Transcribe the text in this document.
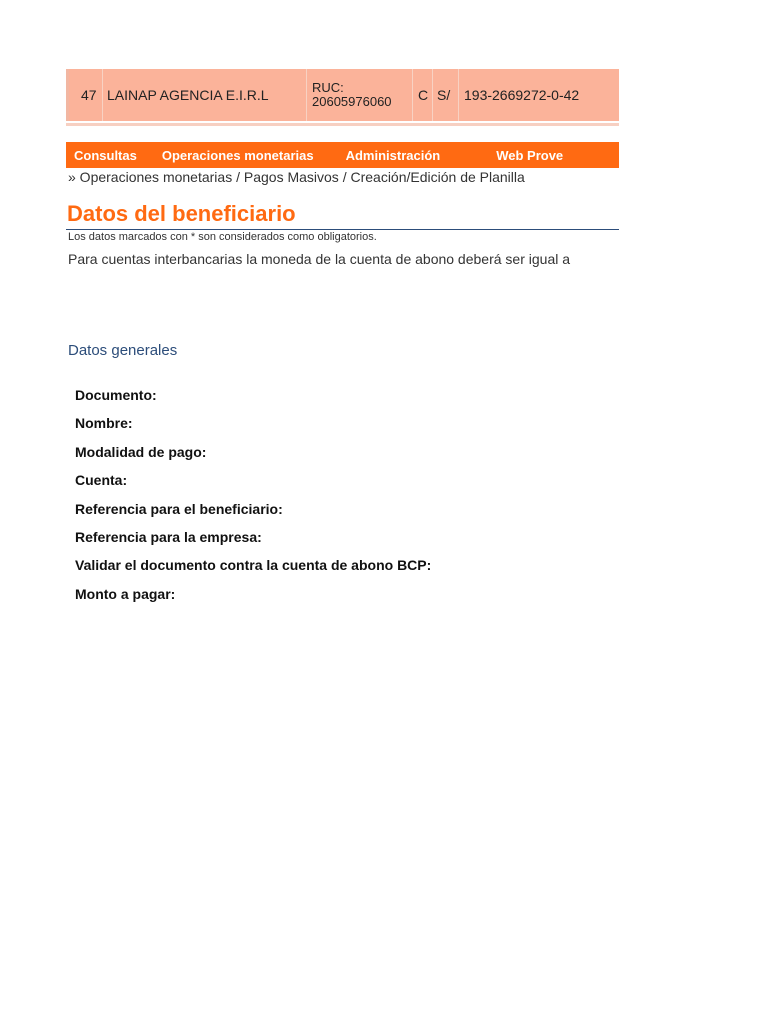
47 LAINAP AGENCIA E.I.R.L	RUC:
20605976060	C S/ 193-2669272-0-42
Consultas Operaciones monetarias Administración	Web Prove
» Operaciones monetarias / Pagos Masivos / Creación/Edición de Planilla
Datos del beneficiario
Los datos marcados con * son considerados como obligatorios.
Para cuentas interbancarias la moneda de la cuenta de abono deberá ser igual a
Datos generales
Documento:
Nombre:
Modalidad de pago:
Cuenta:
Referencia para el beneficiario:
Referencia para la empresa:
Validar el documento contra la cuenta de abono BCP:
Monto a pagar:
